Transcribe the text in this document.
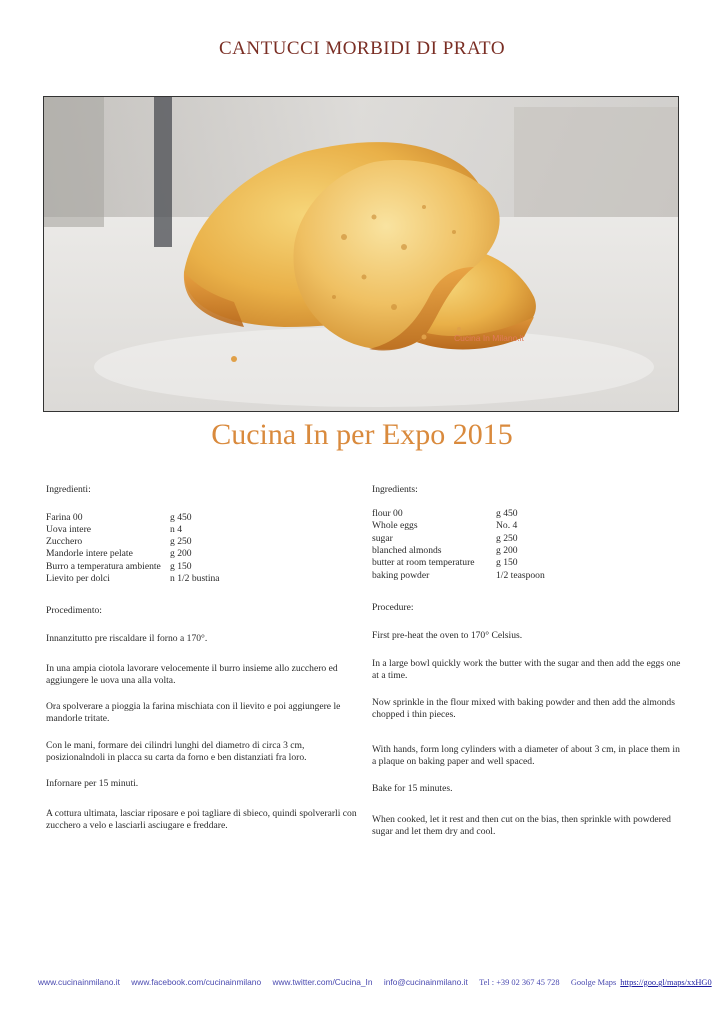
CANTUCCI MORBIDI DI PRATO
Cucina In Milano.it
Cucina In per Expo 2015
Ingredienti:
Farina 00	g 450
Uova intere	n 4
Zucchero	g 250
Mandorle intere pelate	g 200
Burro a temperatura ambiente g 150
Lievito per dolci	n 1/2 bustina
Procedimento:
Innanzitutto pre riscaldare il forno a 170°.
In una ampia ciotola lavorare velocemente il burro insieme allo zucchero ed aggiungere le uova una alla volta.
Ora spolverare a pioggia la farina mischiata con il lievito e poi aggiungere le mandorle tritate.
Con le mani, formare dei cilindri lunghi del diametro di circa 3 cm, posizionalndoli in placca su carta da forno e ben distanziati fra loro.
Infornare per 15 minuti.
A cottura ultimata, lasciar riposare e poi tagliare di sbieco, quindi spolverarli con zucchero a velo e lasciarli asciugare e freddare.
Ingredients:
flour 00	g 450
Whole eggs	No. 4
sugar	g 250
blanched almonds	g 200
butter at room temperature g 150
baking powder	1/2 teaspoon
Procedure:
First pre-heat the oven to 170° Celsius.
In a large bowl quickly work the butter with the sugar and then add the eggs one at a time.
Now sprinkle in the flour mixed with baking powder and then add the almonds chopped i thin pieces.
With hands, form long cylinders with a diameter of about 3 cm, in place them in a plaque on baking paper and well spaced.
Bake for 15 minutes.
When cooked, let it rest and then cut on the bias, then sprinkle with powdered sugar and let them dry and cool.
www.cucinainmilano.it www.facebook.com/cucinainmilano www.twitter.com/Cucina_In info@cucinainmilano.it Tel : +39 02 367 45 728 Goolge Maps https://goo.gl/maps/xxHG0
